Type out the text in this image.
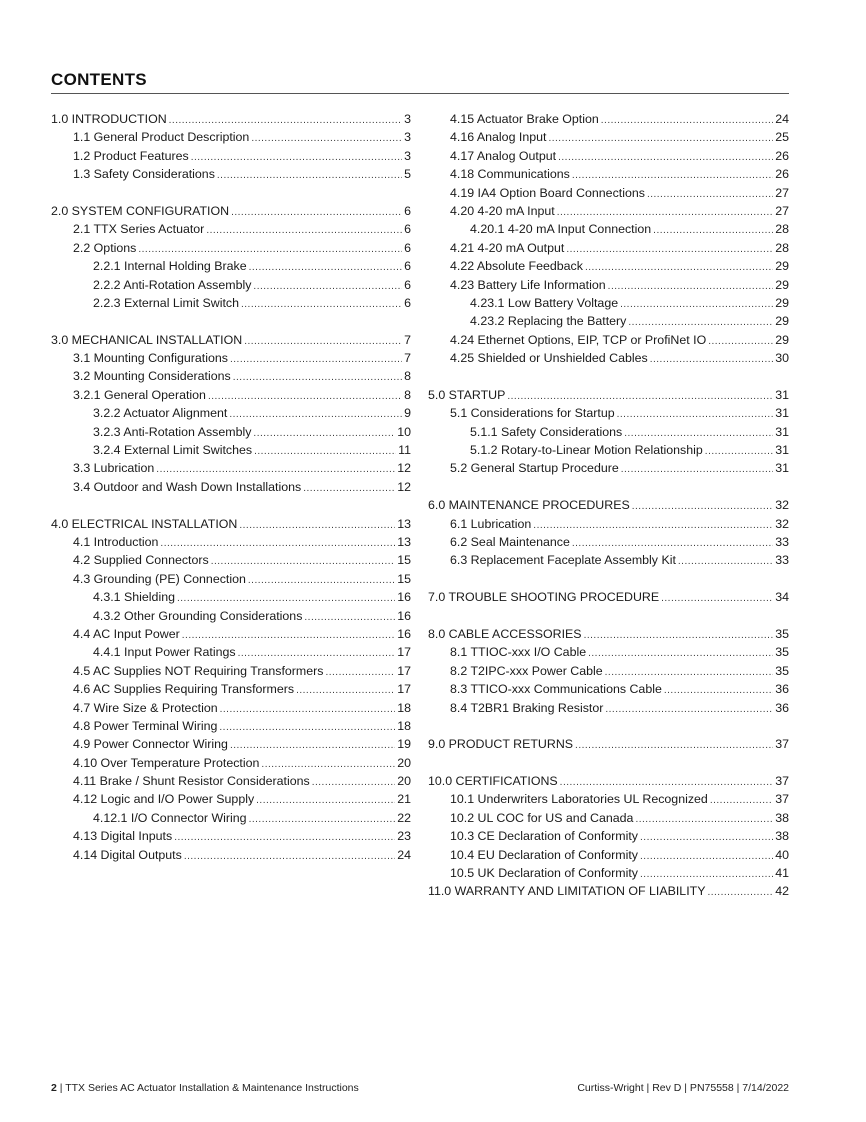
CONTENTS
1.0 INTRODUCTION .....	3
1.1 General Product Description .....	3
1.2 Product Features .....	3
1.3 Safety Considerations .....	5
2.0 SYSTEM CONFIGURATION .....	6
2.1 TTX Series Actuator .....	6
2.2 Options .....	6
2.2.1 Internal Holding Brake .....	6
2.2.2 Anti-Rotation Assembly .....	6
2.2.3 External Limit Switch .....	6
3.0 MECHANICAL INSTALLATION .....	7
3.1 Mounting Configurations .....	7
3.2 Mounting Considerations .....	8
3.2.1 General Operation .....	8
3.2.2 Actuator Alignment .....	9
3.2.3 Anti-Rotation Assembly .....	10
3.2.4 External Limit Switches .....	11
3.3 Lubrication .....	12
3.4 Outdoor and Wash Down Installations .....	12
4.0 ELECTRICAL INSTALLATION .....	13
4.1 Introduction .....	13
4.2 Supplied Connectors .....	15
4.3 Grounding (PE) Connection .....	15
4.3.1 Shielding .....	16
4.3.2 Other Grounding Considerations .....	16
4.4 AC Input Power .....	16
4.4.1 Input Power Ratings .....	17
4.5 AC Supplies NOT Requiring Transformers .....	17
4.6 AC Supplies Requiring Transformers .....	17
4.7 Wire Size & Protection .....	18
4.8 Power Terminal Wiring .....	18
4.9 Power Connector Wiring .....	19
4.10 Over Temperature Protection .....	20
4.11 Brake / Shunt Resistor Considerations .....	20
4.12 Logic and I/O Power Supply .....	21
4.12.1 I/O Connector Wiring .....	22
4.13 Digital Inputs .....	23
4.14 Digital Outputs .....	24
4.15 Actuator Brake Option .....	24
4.16 Analog Input .....	25
4.17 Analog Output .....	26
4.18 Communications .....	26
4.19 IA4 Option Board Connections .....	27
4.20 4-20 mA Input .....	27
4.20.1 4-20 mA Input Connection .....	28
4.21 4-20 mA Output .....	28
4.22 Absolute Feedback .....	29
4.23 Battery Life Information .....	29
4.23.1 Low Battery Voltage .....	29
4.23.2 Replacing the Battery .....	29
4.24 Ethernet Options, EIP, TCP or ProfiNet IO .....	29
4.25 Shielded or Unshielded Cables .....	30
5.0 STARTUP .....	31
5.1 Considerations for Startup .....	31
5.1.1 Safety Considerations .....	31
5.1.2 Rotary-to-Linear Motion Relationship .....	31
5.2 General Startup Procedure .....	31
6.0 MAINTENANCE PROCEDURES .....	32
6.1 Lubrication .....	32
6.2 Seal Maintenance .....	33
6.3 Replacement Faceplate Assembly Kit .....	33
7.0 TROUBLE SHOOTING PROCEDURE .....	34
8.0 CABLE ACCESSORIES .....	35
8.1 TTIOC-xxx I/O Cable .....	35
8.2 T2IPC-xxx Power Cable .....	35
8.3 TTICO-xxx Communications Cable .....	36
8.4 T2BR1 Braking Resistor .....	36
9.0 PRODUCT RETURNS .....	37
10.0 CERTIFICATIONS .....	37
10.1 Underwriters Laboratories UL Recognized .....	37
10.2 UL COC for US and Canada .....	38
10.3 CE Declaration of Conformity .....	38
10.4 EU Declaration of Conformity .....	40
10.5 UK Declaration of Conformity .....	41
11.0 WARRANTY AND LIMITATION OF LIABILITY .....	42
2 | TTX Series AC Actuator Installation & Maintenance Instructions	Curtiss-Wright | Rev D | PN75558 | 7/14/2022
